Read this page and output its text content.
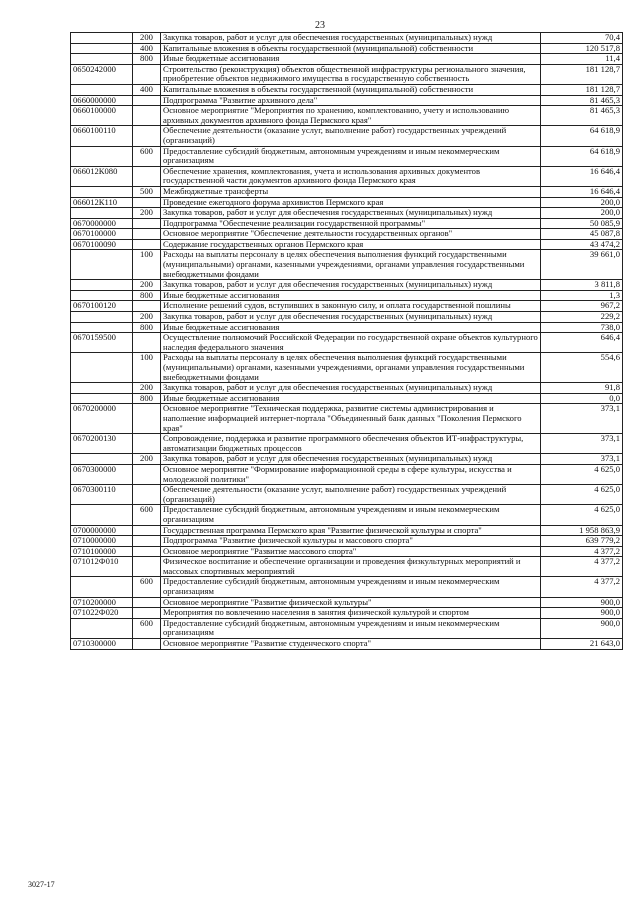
23
	200	Закупка товаров, работ и услуг для обеспечения государственных (муниципальных) нужд	70,4
	400	Капитальные вложения в объекты государственной (муниципальной) собственности	120 517,8
	800	Иные бюджетные ассигнования	11,4
0650242000		Строительство (реконструкция) объектов общественной инфраструктуры регионального значения, приобретение объектов недвижимого имущества в государственную собственность	181 128,7
	400	Капитальные вложения в объекты государственной (муниципальной) собственности	181 128,7
0660000000		Подпрограмма "Развитие архивного дела"	81 465,3
0660100000		Основное мероприятие "Мероприятия по хранению, комплектованию, учету и использованию архивных документов архивного фонда Пермского края"	81 465,3
0660100110		Обеспечение деятельности (оказание услуг, выполнение работ) государственных учреждений (организаций)	64 618,9
	600	Предоставление субсидий бюджетным, автономным учреждениям и иным некоммерческим организациям	64 618,9
066012К080		Обеспечение хранения, комплектования, учета и использования архивных документов государственной части документов архивного фонда Пермского края	16 646,4
	500	Межбюджетные трансферты	16 646,4
066012К110		Проведение ежегодного форума архивистов Пермского края	200,0
	200	Закупка товаров, работ и услуг для обеспечения государственных (муниципальных) нужд	200,0
0670000000		Подпрограмма "Обеспечение реализации государственной программы"	50 085,9
0670100000		Основное мероприятие "Обеспечение деятельности государственных органов"	45 087,8
0670100090		Содержание государственных органов Пермского края	43 474,2
	100	Расходы на выплаты персоналу в целях обеспечения выполнения функций государственными (муниципальными) органами, казенными учреждениями, органами управления государственными внебюджетными фондами	39 661,0
	200	Закупка товаров, работ и услуг для обеспечения государственных (муниципальных) нужд	3 811,8
	800	Иные бюджетные ассигнования	1,3
0670100120		Исполнение решений судов, вступивших в законную силу, и оплата государственной пошлины	967,2
	200	Закупка товаров, работ и услуг для обеспечения государственных (муниципальных) нужд	229,2
	800	Иные бюджетные ассигнования	738,0
0670159500		Осуществление полномочий Российской Федерации по государственной охране объектов культурного наследия федерального значения	646,4
	100	Расходы на выплаты персоналу в целях обеспечения выполнения функций государственными (муниципальными) органами, казенными учреждениями, органами управления государственными внебюджетными фондами	554,6
	200	Закупка товаров, работ и услуг для обеспечения государственных (муниципальных) нужд	91,8
	800	Иные бюджетные ассигнования	0,0
0670200000		Основное мероприятие "Техническая поддержка, развитие системы администрирования и наполнение информацией интернет-портала "Объединенный банк данных "Поколения Пермского края"	373,1
0670200130		Сопровождение, поддержка и развитие программного обеспечения объектов ИТ-инфраструктуры, автоматизации бюджетных процессов	373,1
	200	Закупка товаров, работ и услуг для обеспечения государственных (муниципальных) нужд	373,1
0670300000		Основное мероприятие "Формирование информационной среды в сфере культуры, искусства и молодежной политики"	4 625,0
0670300110		Обеспечение деятельности (оказание услуг, выполнение работ) государственных учреждений (организаций)	4 625,0
	600	Предоставление субсидий бюджетным, автономным учреждениям и иным некоммерческим организациям	4 625,0
0700000000		Государственная программа Пермского края "Развитие физической культуры и спорта"	1 958 863,9
0710000000		Подпрограмма "Развитие физической культуры и массового спорта"	639 779,2
0710100000		Основное мероприятие "Развитие массового спорта"	4 377,2
071012Ф010		Физическое воспитание и обеспечение организации и проведения физкультурных мероприятий и массовых спортивных мероприятий	4 377,2
	600	Предоставление субсидий бюджетным, автономным учреждениям и иным некоммерческим организациям	4 377,2
0710200000		Основное мероприятие "Развитие физической культуры"	900,0
071022Ф020		Мероприятия по вовлечению населения в занятия физической культурой и спортом	900,0
	600	Предоставление субсидий бюджетным, автономным учреждениям и иным некоммерческим организациям	900,0
0710300000		Основное мероприятие "Развитие студенческого спорта"	21 643,0
3027-17
